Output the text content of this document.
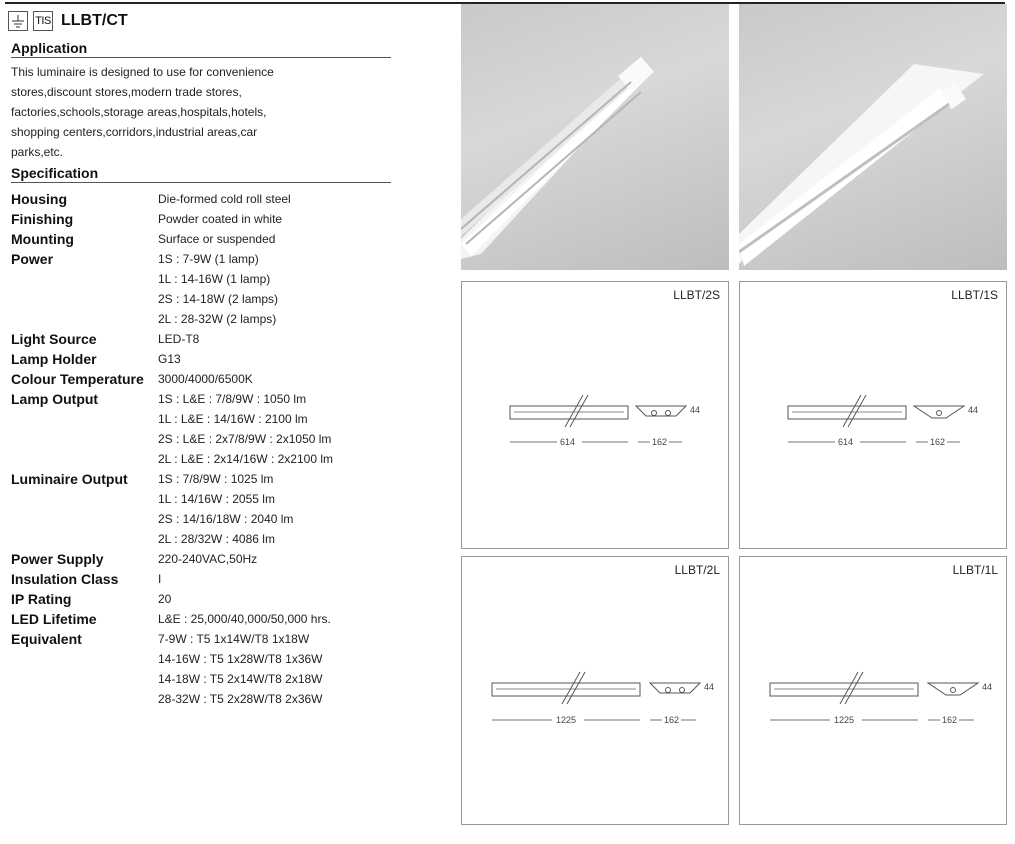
TIS LLBT/CT
Application
This luminaire is designed to use for convenience
stores,discount stores,modern trade stores,
factories,schools,storage areas,hospitals,hotels,
shopping centers,corridors,industrial areas,car
parks,etc.
Specification
Housing	Die-formed cold roll steel
Finishing	Powder coated in white
Mounting	Surface or suspended
Power	1S : 7-9W (1 lamp)
1L : 14-16W (1 lamp)
2S : 14-18W (2 lamps)
2L : 28-32W (2 lamps)
Light Source	LED-T8
Lamp Holder	G13
Colour Temperature	3000/4000/6500K
Lamp Output	1S : L&E : 7/8/9W : 1050 lm
1L : L&E : 14/16W : 2100 lm
2S : L&E : 2x7/8/9W : 2x1050 lm
2L : L&E : 2x14/16W : 2x2100 lm
Luminaire Output	1S : 7/8/9W : 1025 lm
1L : 14/16W : 2055 lm
2S : 14/16/18W : 2040 lm
2L : 28/32W : 4086 lm
Power Supply	220-240VAC,50Hz
Insulation Class	I
IP Rating	20
LED Lifetime	L&E : 25,000/40,000/50,000 hrs.
Equivalent	7-9W : T5 1x14W/T8 1x18W
14-16W : T5 1x28W/T8 1x36W
14-18W : T5 2x14W/T8 2x18W
28-32W : T5 2x28W/T8 2x36W
LLBT/2S
44
614	162
LLBT/1S
44
614	162
LLBT/2L
44
1225	162
LLBT/1L
44
1225	162
